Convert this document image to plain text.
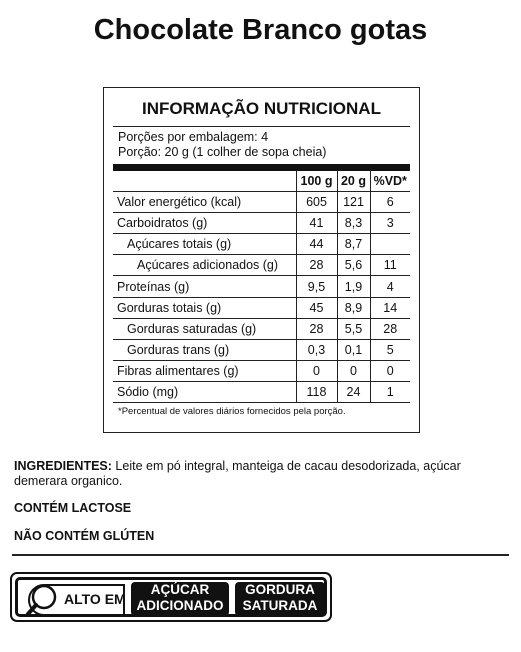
Chocolate Branco gotas
INFORMAÇÃO NUTRICIONAL
Porções por embalagem: 4
Porção: 20 g (1 colher de sopa cheia)
	100 g	20 g	%VD*
Valor energético (kcal)	605	121	6
Carboidratos (g)	41	8,3	3
Açúcares totais (g)	44	8,7	
Açúcares adicionados (g)	28	5,6	11
Proteínas (g)	9,5	1,9	4
Gorduras totais (g)	45	8,9	14
Gorduras saturadas (g)	28	5,5	28
Gorduras trans (g)	0,3	0,1	5
Fibras alimentares (g)	0	0	0
Sódio (mg)	118	24	1
*Percentual de valores diários fornecidos pela porção.
INGREDIENTES: Leite em pó integral, manteiga de cacau desodorizada, açúcar demerara organico.
CONTÉM LACTOSE
NÃO CONTÉM GLÚTEN
ALTO EM
AÇÚCAR
ADICIONADO
GORDURA
SATURADA
